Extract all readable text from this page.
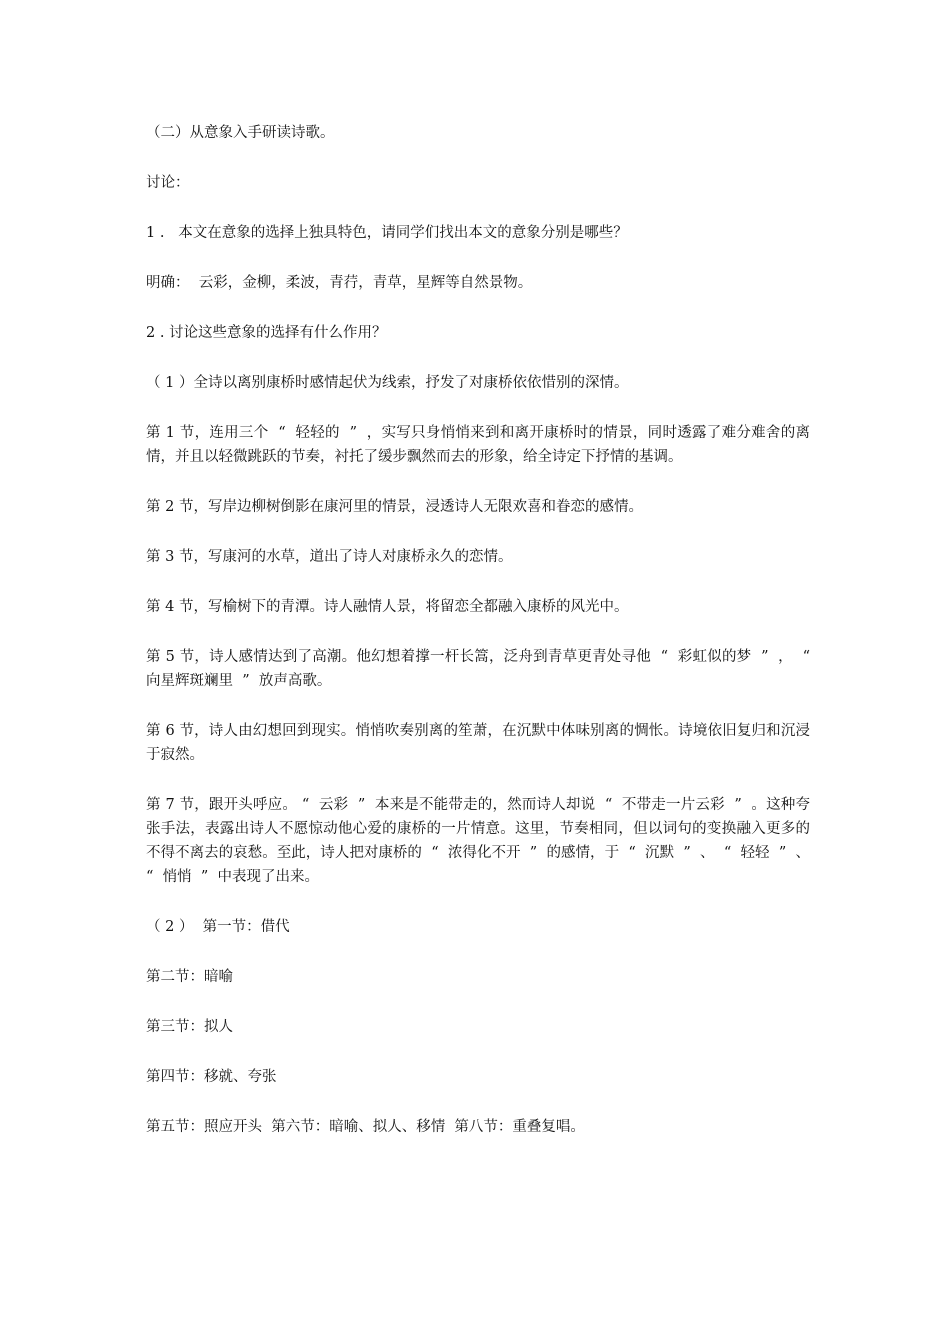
（二）从意象入手研读诗歌。

讨论：

1 .   本文在意象的选择上独具特色，请同学们找出本文的意象分别是哪些？

明确：  云彩，金柳，柔波，青荇，青草，星辉等自然景物。

2 . 讨论这些意象的选择有什么作用？

（ 1 ）全诗以离别康桥时感情起伏为线索，抒发了对康桥依依惜别的深情。

第 1 节，连用三个  “  轻轻的  ”  ，实写只身悄悄来到和离开康桥时的情景，同时透露了难分难舍的离情，并且以轻微跳跃的节奏，衬托了缓步飘然而去的形象，给全诗定下抒情的基调。

第 2 节，写岸边柳树倒影在康河里的情景，浸透诗人无限欢喜和眷恋的感情。

第 3 节，写康河的水草，道出了诗人对康桥永久的恋情。

第 4 节，写榆树下的青潭。诗人融情人景，将留恋全都融入康桥的风光中。

第 5 节，诗人感情达到了高潮。他幻想着撑一杆长篙，泛舟到青草更青处寻他  “  彩虹似的梦  ”  ，  “  向星辉斑斓里  ”  放声高歌。

第 6 节，诗人由幻想回到现实。悄悄吹奏别离的笙萧，在沉默中体味别离的惆怅。诗境依旧复归和沉浸于寂然。

第 7 节，跟开头呼应。 “  云彩  ”  本来是不能带走的，然而诗人却说  “  不带走一片云彩  ”  。这种夸张手法，表露出诗人不愿惊动他心爱的康桥的一片情意。这里，节奏相同，但以词句的变换融入更多的不得不离去的哀愁。至此，诗人把对康桥的  “  浓得化不开  ”  的感情，于  “  沉默  ”  、  “  轻轻  ”  、  “  悄悄  ”  中表现了出来。

（ 2 ）  第一节：借代

第二节：暗喻

第三节：拟人

第四节：移就、夸张

第五节：照应开头  第六节：暗喻、拟人、移情  第八节：重叠复唱。
